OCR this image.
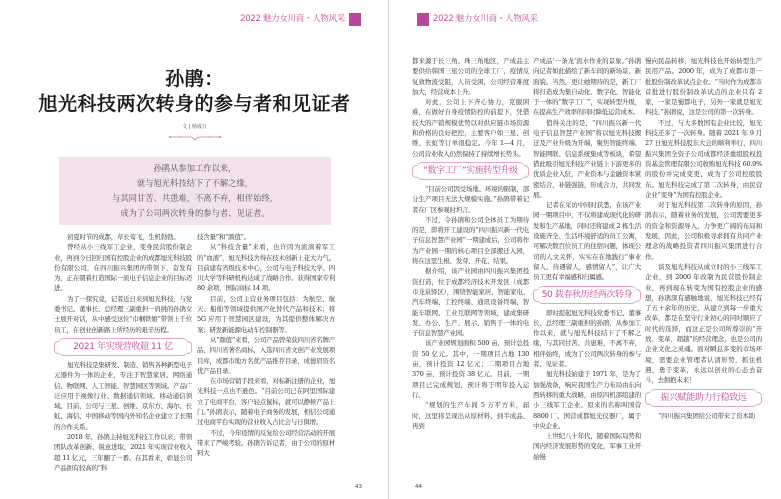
2022 魅力女川商・人物风采
孙鹃：
旭光科技两次转身的参与者和见证者
文 | 杨成万
孙鹃从参加工作以来，
就与旭光科技结下了不解之缘，
与其同甘苦、共患难，不离不弃，相伴始终，
成为了公司两次转身的参与者、见证者。

初夏时节的成都，草长莺飞，生机勃勃。

曾经从小三线军工企业，变身民营股份制企业，再到今日回归国有控股企业的成都旭光科技股份有限公司，在四川振兴集团的带领下，奋发有为，正在朝着打造国际一流电子信息企业的目标迈进。

为了一探究竟，记者近日来到旭光科技，与党委书记、董事长、总经理三副重担一肩挑的孙鹃女士展开对话，从中感受这位“巾帼铁娘”带领上千位员工，在创业创新路上所经历的艰辛历程。

2021 年实现营收超 11 亿

旭光科技是集研发、制造、销售各种新型电子元器件为一体的企业，专注于智慧家居、网络通信、物联网、人工智能、智慧园区等领域。产品广泛应用于视像行业、数据通信领域、移动通信领域。目前，公司与三星、创维、京东方、海尔、长虹、海信、中国移动等国内外知名企业建立了长期的合作关系。

2018 年，孙鹃主持旭光科技工作以来，带领团队改革创新、锐意进取，2021 年实现营业收入超 11 亿元，三年翻了一番。在其看来，彰显公司产品拥有较高的“科

技含量”和“颜值”。

从“科技含量”来看，也许因为流淌着军工的“血液”，旭光科技舍得在技术创新上花大力气。目前建有省级技术中心，公司与电子科技大学、四川大学等科研机构达成了战略合作。获得国家专利 80 余项，国际商标 14 项。

目前，公司主营业务项目包括：为航空、航天、船舶等领域提供国产化替代产品和技术；将 5G 应用于智慧园区建设，为其提供整体解决方案；研发新能源电动车控制器等。

从“颜值”来看，公司产品曾荣获四川省名牌产品、四川省著名商标，入选四川省文创产业发展项目库，成都市地方名优产品推荐目录，成德眉资名优产品目录。

在市场营销手段来看，对标新注册的企业，旭光科技一点也不逊色。“目前公司已在阿里国际建立了电商平台，客户轻点鼠标，就可以静候产品上门。”孙鹃表示，随着电子商务的发展，相信公司通过电商平台实现的营业收入占比会与日俱增。

不过，今年疫情的反复给公司经营活动的开展带来了严峻考验。孙鹃告诉记者，由于公司的原材料大

43
2022 魅力女川商・人物风采

都来源于长三角、珠三角地区，产成品主要供给韩国三星公司的全球工厂，疫情反复致物流受阻，人员受困，公司经营难度加大，经营成本上升。

对此，公司上下齐心协力，克服困难，在做好自身疫情防控的前提下，凭借较大的产销规模优势以对供应链市场资源和价格的良好把控，主要客户如三星、创维、长虹等订单很稳定。今年 1—4 月，公司营业收入仍然保持了持续增长势头。

“数字工厂”实施转型升级

“目前公司因受场地、环境的限制，部分生产项目无法大规模实施。”孙鹃带着记者在厂区参观时坦言。

不过，令孙鹃和公司全体员工为期待的是，即将开工建设的“四川振兴新一代电子信息智慧产业园”一期建成后，公司将作为产业园一期的核心项目全部搬迁入园，将在这里生根、发芽、开花、结果。

据介绍，该产业园由四川振兴集团投资打造，位于成都经济技术开发区（成都市龙泉驿区），围绕智能家居、智能家电、汽车终端、工控终端、通讯设备终端、智能车联网、工业互联网等领域，建成集研发、办公、生产、展示、销售于一体的电子信息智慧产业园。

该产业园规划面积 500 亩，预计总投资 50 亿元。其中，一期项目占地 130 亩，预计投资 12 亿元；二期项目占地 370 亩，预计投资 38 亿元。目前，一期项目已完成规划，预计将于明年投入运行。

“规划的生产车间 5 万平方米，届时，这里将呈现出从原材料、到半成品、再到

产成品‘一条龙’流水作业的景象。”孙鹃向记者如此描绘了新车间的新场景、新面貌。当然，更让她期待的是，新工厂将打造成为集自动化、数字化、智能化于一体的“数字工厂”，实现转型升级，在提高生产效率的同时降低运营成本。

值得关注的是，“四川振兴新一代电子信息智慧产业园”将以旭光科技搬迁及产业升级为开端，聚焦智能终端、智能网联、信息系统集成等板块，希望借此吸引旭光科技产业链上下游更多的优质企业入驻，产业资本与金融资本紧密结合，补链强链，形成合力，共同发展。

记者在采访中同时获悉，在该产业园一期项目中，不仅将建成现代化的研发和生产基地，同时还将建成 2 栋生活设施齐全、生活环境舒适的员工公寓，可解决数百位员工的住宿问题，体现公司的人文关怀，实实在在地践行“事业留人，待遇留人，感情留人”，让广大员工更有幸福感和归属感。

50 载春秋历经两次转身

即时提起旭光科技党委书记、董事长、总经理三副重担的孙鹃，从参加工作以来，就与旭光科技结下了不解之缘，与其同甘苦、共患难，不离不弃，相伴始终，成为了公司两次转身的参与者、见证者。

旭光科技始建于 1971 年，是为了加强战备，响应我国生产力布局由东向西转移的重大战略，由原四机部组建的小三线军工企业。原来的名称叫国营 8800 厂、国营成都旭光仪器厂，属于中央企业。

上世纪八十年代，随着国际局势和国内经济发展形势的变化，军事工业开始慢

慢向民品转移，旭光科技也开始转型生产民用产品。2000 年，成为了成都市第一批股份制改革试点企业。“当时作为成都市首批进行股份制改革试点的企业只有 2 家，一家是蜀都电子，另外一家就是旭光科技。”孙鹃说，这是公司的第一次转身。

不过，与大多数国有企业比较，旭光科技还多了一次转身。随着 2021 年 9 月 27 日旭光科技股东大会的顺利举行，四川振兴集团全资子公司成都经济重组股权投资基金管理有限公司收购旭光科技 60.9% 的股份并完成变更，成为了公司控股股东。旭光科技完成了第二次转身，由民营企业“变身”为国有控股企业。

对于旭光科技第二次转身的原因，孙鹃表示，随着业务的发展，公司需要更多的资金和资源导入，力争更广阔的布局和发展，因此，公司积极寻求拥有共同产业理念的战略投资者四川振兴集团进行合作。

谈及旭光科技从成立时的小三线军工企业，到 2000 年改制为民营股份制企业，再到现在转变为国有控股企业的感想，孙鹃深有感触地说，旭光科技已经有了五十余年的历史，从建立到每一步重大改革，都是在坚守行业初心的同时顺应了时代的选择，而这正是公司所尊崇的“开放、变革、超越”的经营理念，也是公司的企业文化之灵魂。面对瞬息多变的市场环境，需要企业管理者认清形势，抓住机遇，勇于变革，永远以创业的心态去奋斗，去拥抱未来！

振兴赋能助力行稳致远

“四川振兴集团给公司带来了资本助

44
